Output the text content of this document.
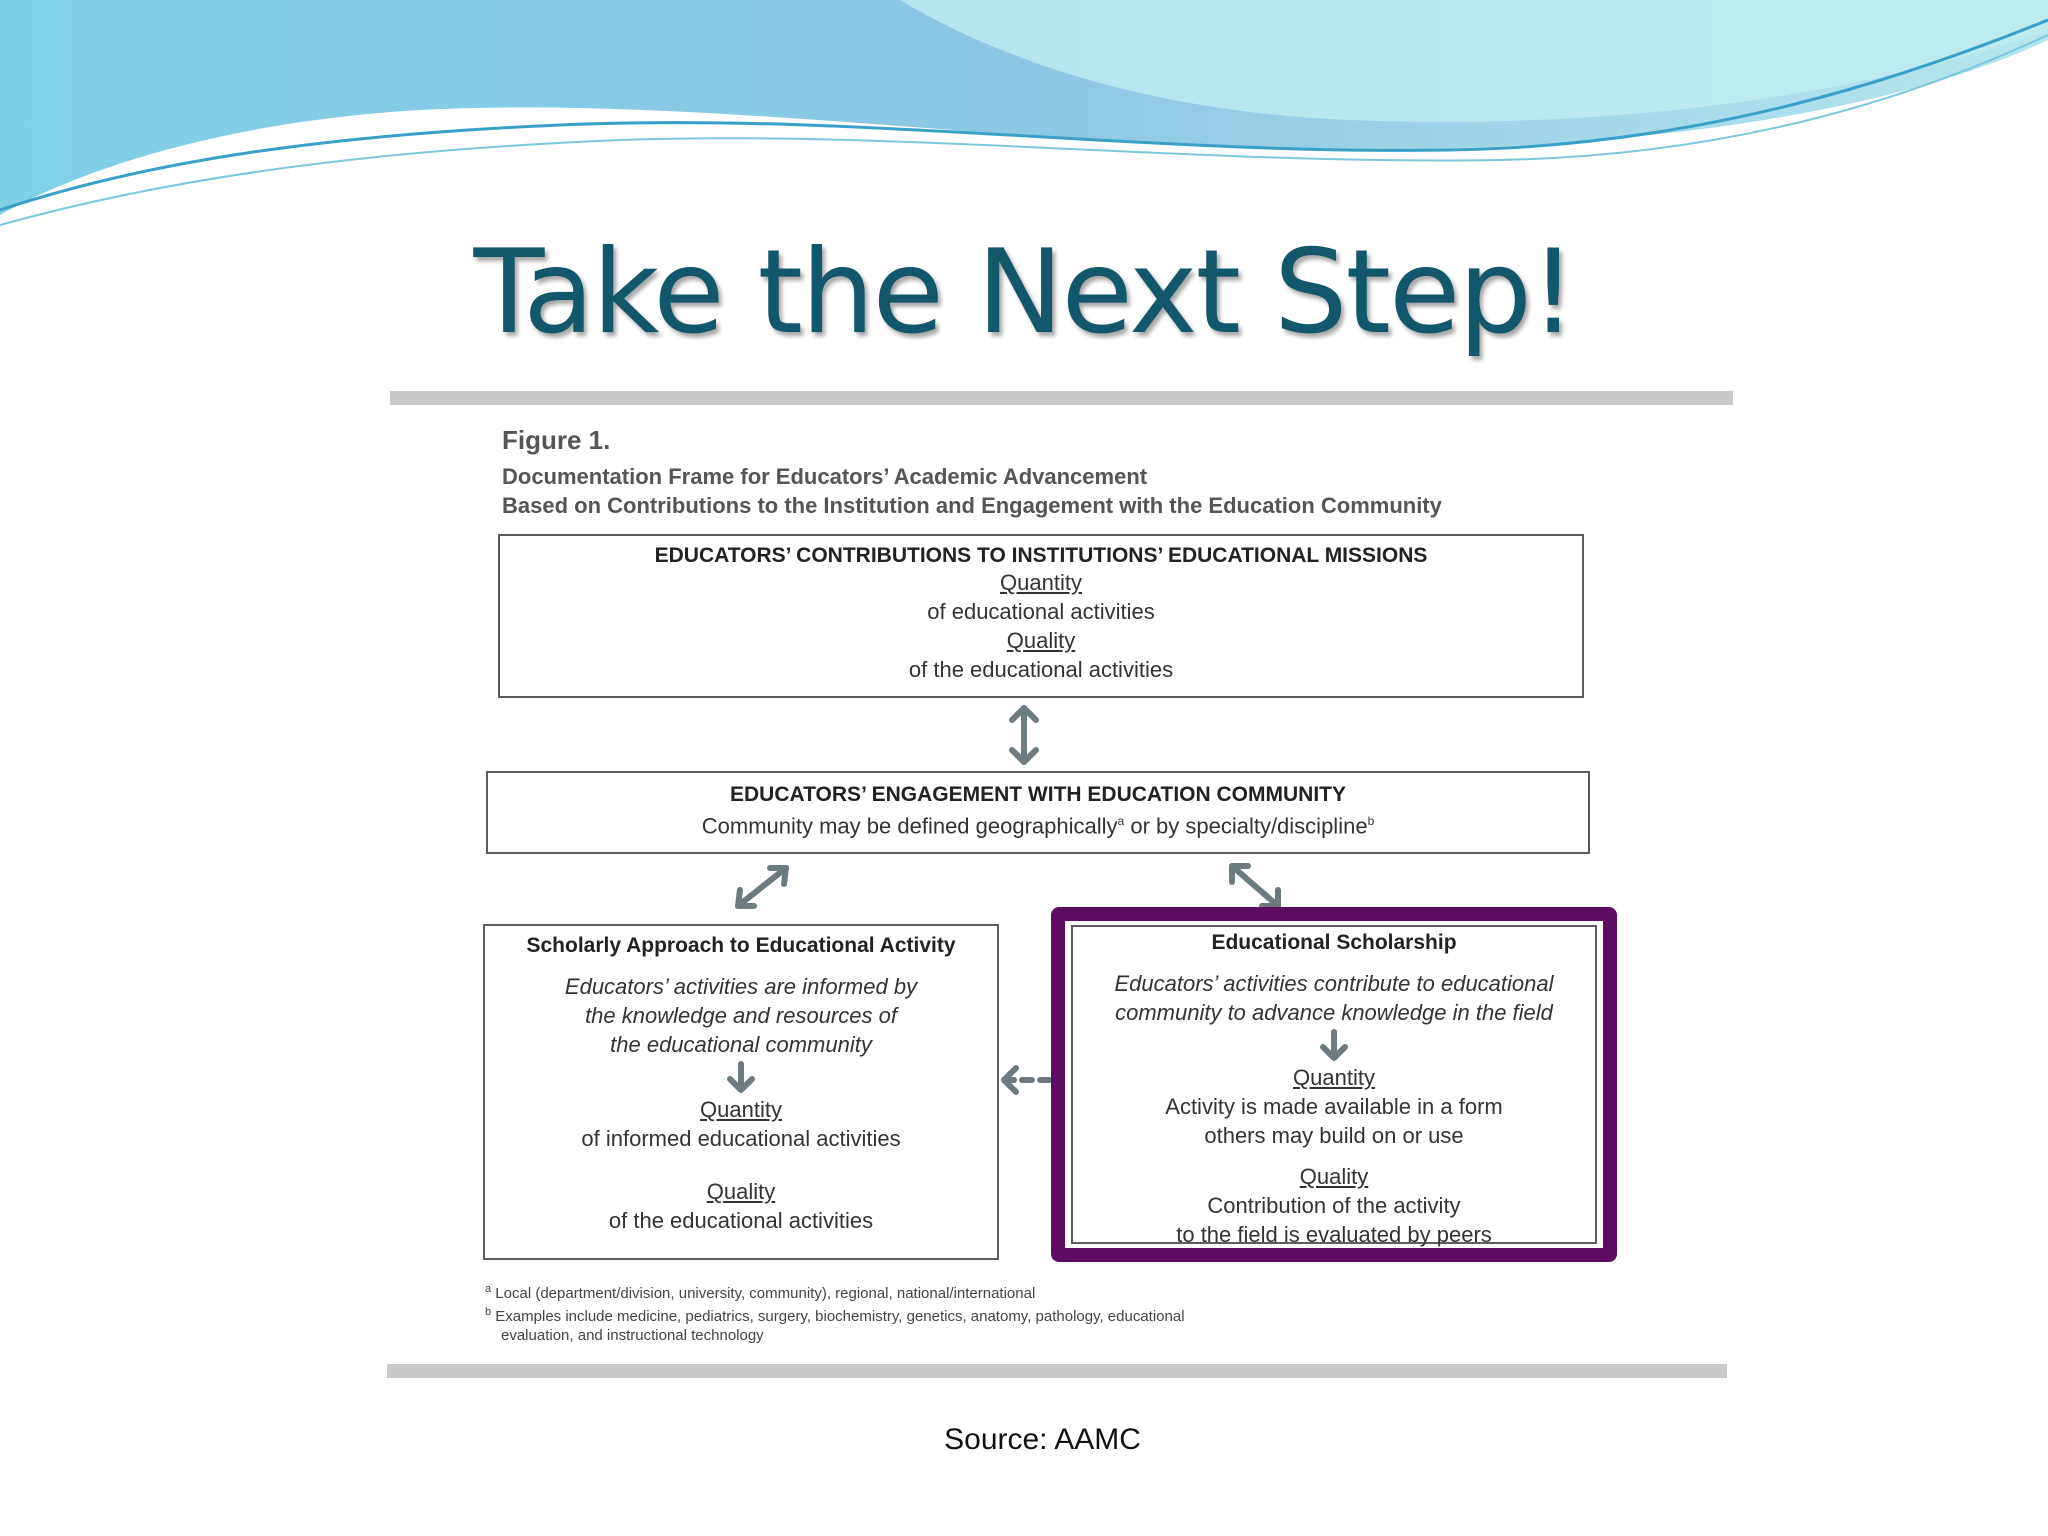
Take the Next Step!
Figure 1.
Documentation Frame for Educators’ Academic Advancement
Based on Contributions to the Institution and Engagement with the Education Community
EDUCATORS’ CONTRIBUTIONS TO INSTITUTIONS’ EDUCATIONAL MISSIONS
Quantity
of educational activities
Quality
of the educational activities
EDUCATORS’ ENGAGEMENT WITH EDUCATION COMMUNITY
Community may be defined geographically$^a$ or by specialty/discipline$^b$
Scholarly Approach to Educational Activity
Educators’ activities are informed by
the knowledge and resources of
the educational community
Quantity
of informed educational activities
Quality
of the educational activities
Educational Scholarship
Educators’ activities contribute to educational
community to advance knowledge in the field
Quantity
Activity is made available in a form
others may build on or use
Quality
Contribution of the activity
to the field is evaluated by peers
$^a$ Local (department/division, university, community), regional, national/international
$^b$ Examples include medicine, pediatrics, surgery, biochemistry, genetics, anatomy, pathology, educational
evaluation, and instructional technology
Source: AAMC
